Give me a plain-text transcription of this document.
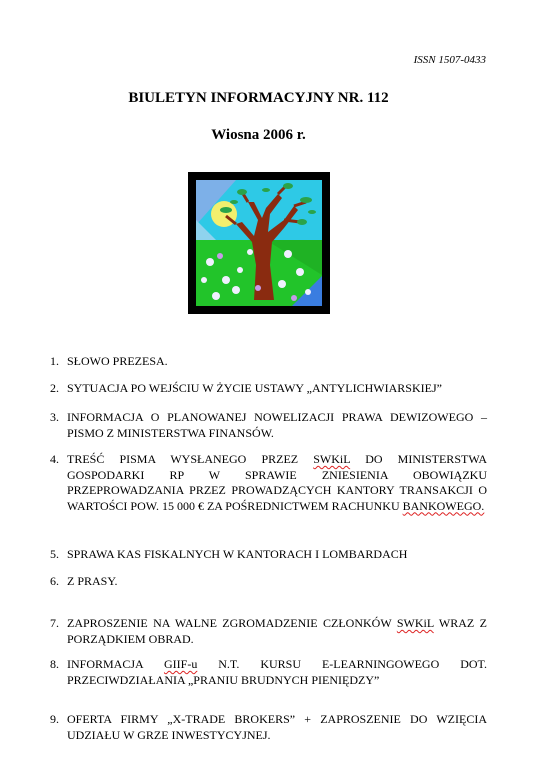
ISSN 1507-0433
BIULETYN INFORMACYJNY NR. 112
Wiosna 2006 r.
1. SŁOWO PREZESA.
2. SYTUACJA PO WEJŚCIU W ŻYCIE USTAWY „ANTYLICHWIARSKIEJ”
3. INFORMACJA O PLANOWANEJ NOWELIZACJI PRAWA DEWIZOWEGO – PISMO Z MINISTERSTWA FINANSÓW.
4. TREŚĆ PISMA WYSŁANEGO PRZEZ SWKiL DO MINISTERSTWA GOSPODARKI RP W SPRAWIE ZNIESIENIA OBOWIĄZKU PRZEPROWADZANIA PRZEZ PROWADZĄCYCH KANTORY TRANSAKCJI O WARTOŚCI POW. 15 000 € ZA POŚREDNICTWEM RACHUNKU BANKOWEGO.
5. SPRAWA KAS FISKALNYCH W KANTORACH I LOMBARDACH
6. Z PRASY.
7. ZAPROSZENIE NA WALNE ZGROMADZENIE CZŁONKÓW SWKiL WRAZ Z PORZĄDKIEM OBRAD.
8. INFORMACJA GIIF-u N.T. KURSU E-LEARNINGOWEGO DOT. PRZECIWDZIAŁANIA „PRANIU BRUDNYCH PIENIĘDZY”
9. OFERTA FIRMY „X-TRADE BROKERS” + ZAPROSZENIE DO WZIĘCIA UDZIAŁU W GRZE INWESTYCYJNEJ.
